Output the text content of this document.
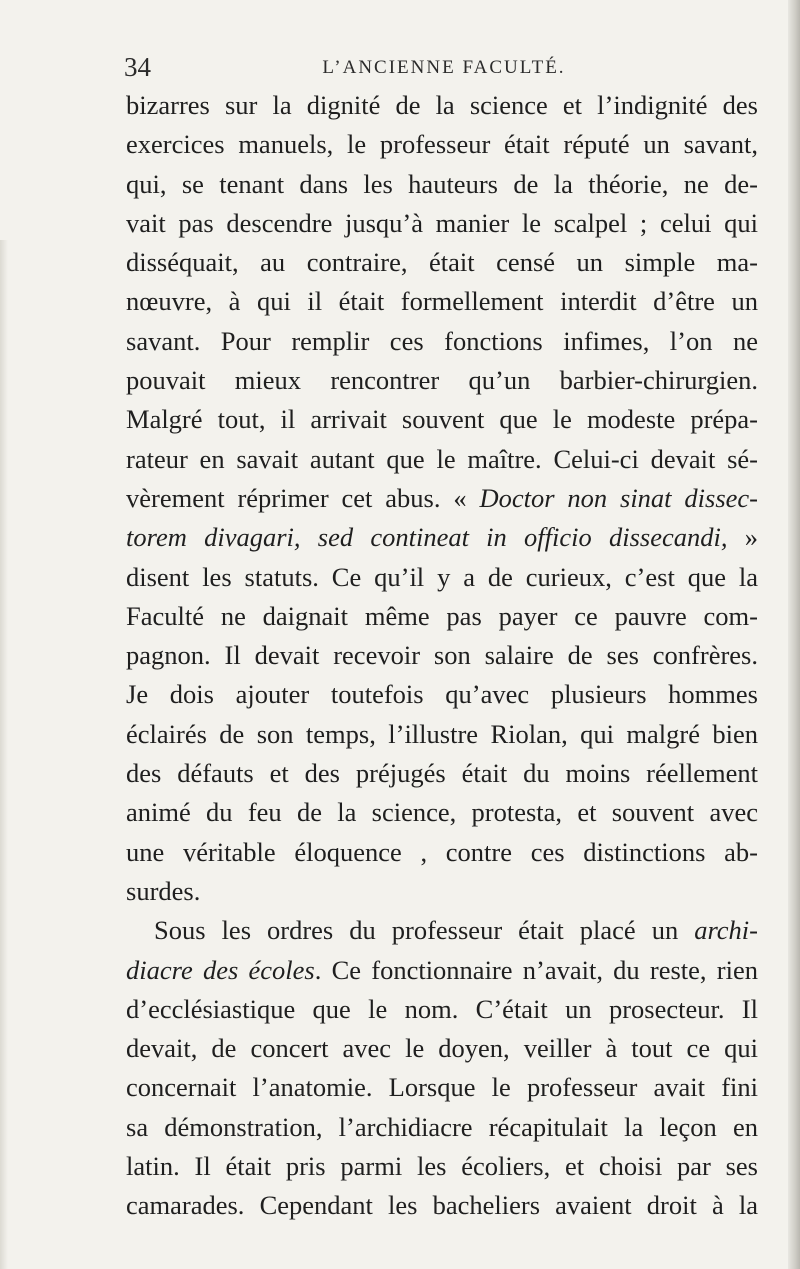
34	L’ANCIENNE FACULTÉ.
bizarres sur la dignité de la science et l’indignité des
exercices manuels, le professeur était réputé un savant,
qui, se tenant dans les hauteurs de la théorie, ne de-
vait pas descendre jusqu’à manier le scalpel ; celui qui
disséquait, au contraire, était censé un simple ma-
nœuvre, à qui il était formellement interdit d’être un
savant. Pour remplir ces fonctions infimes, l’on ne
pouvait mieux rencontrer qu’un barbier-chirurgien.
Malgré tout, il arrivait souvent que le modeste prépa-
rateur en savait autant que le maître. Celui-ci devait sé-
vèrement réprimer cet abus. « Doctor non sinat dissec-
torem divagari, sed contineat in officio dissecandi, »
disent les statuts. Ce qu’il y a de curieux, c’est que la
Faculté ne daignait même pas payer ce pauvre com-
pagnon. Il devait recevoir son salaire de ses confrères.
Je dois ajouter toutefois qu’avec plusieurs hommes
éclairés de son temps, l’illustre Riolan, qui malgré bien
des défauts et des préjugés était du moins réellement
animé du feu de la science, protesta, et souvent avec
une véritable éloquence , contre ces distinctions ab-
surdes.
Sous les ordres du professeur était placé un archi-
diacre des écoles. Ce fonctionnaire n’avait, du reste, rien
d’ecclésiastique que le nom. C’était un prosecteur. Il
devait, de concert avec le doyen, veiller à tout ce qui
concernait l’anatomie. Lorsque le professeur avait fini
sa démonstration, l’archidiacre récapitulait la leçon en
latin. Il était pris parmi les écoliers, et choisi par ses
camarades. Cependant les bacheliers avaient droit à la
